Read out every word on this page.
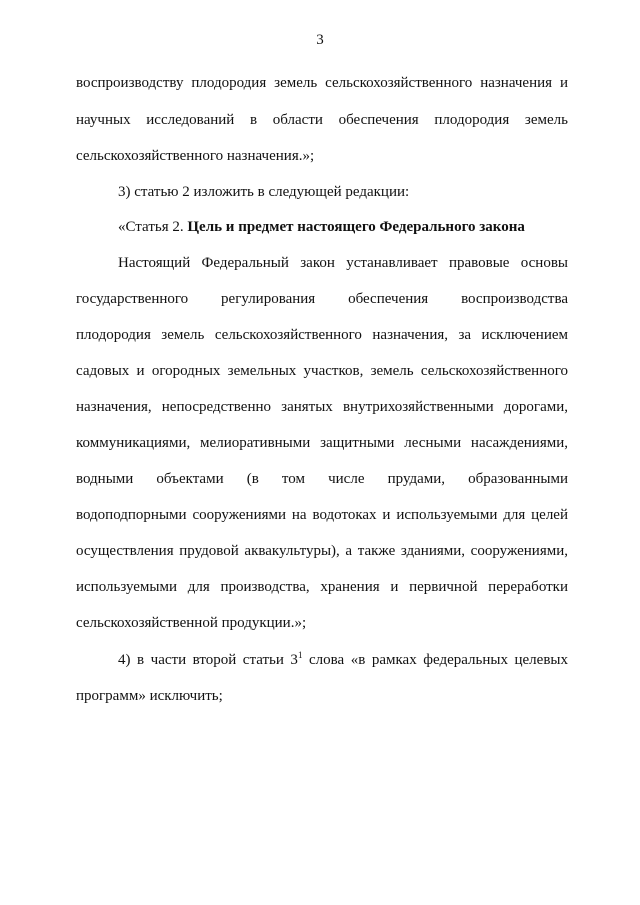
3
воспроизводству плодородия земель сельскохозяйственного назначения и
научных исследований в области обеспечения плодородия земель
сельскохозяйственного назначения.»;
3) статью 2 изложить в следующей редакции:
«Статья 2. Цель и предмет настоящего Федерального закона
Настоящий Федеральный закон устанавливает правовые основы
государственного регулирования обеспечения воспроизводства
плодородия земель сельскохозяйственного назначения, за исключением
садовых и огородных земельных участков, земель сельскохозяйственного
назначения, непосредственно занятых внутрихозяйственными дорогами,
коммуникациями, мелиоративными защитными лесными насаждениями,
водными объектами (в том числе прудами, образованными
водоподпорными сооружениями на водотоках и используемыми для целей
осуществления прудовой аквакультуры), а также зданиями, сооружениями,
используемыми для производства, хранения и первичной переработки
сельскохозяйственной продукции.»;
4) в части второй статьи $3^1$ слова «в рамках федеральных целевых
программ» исключить;
